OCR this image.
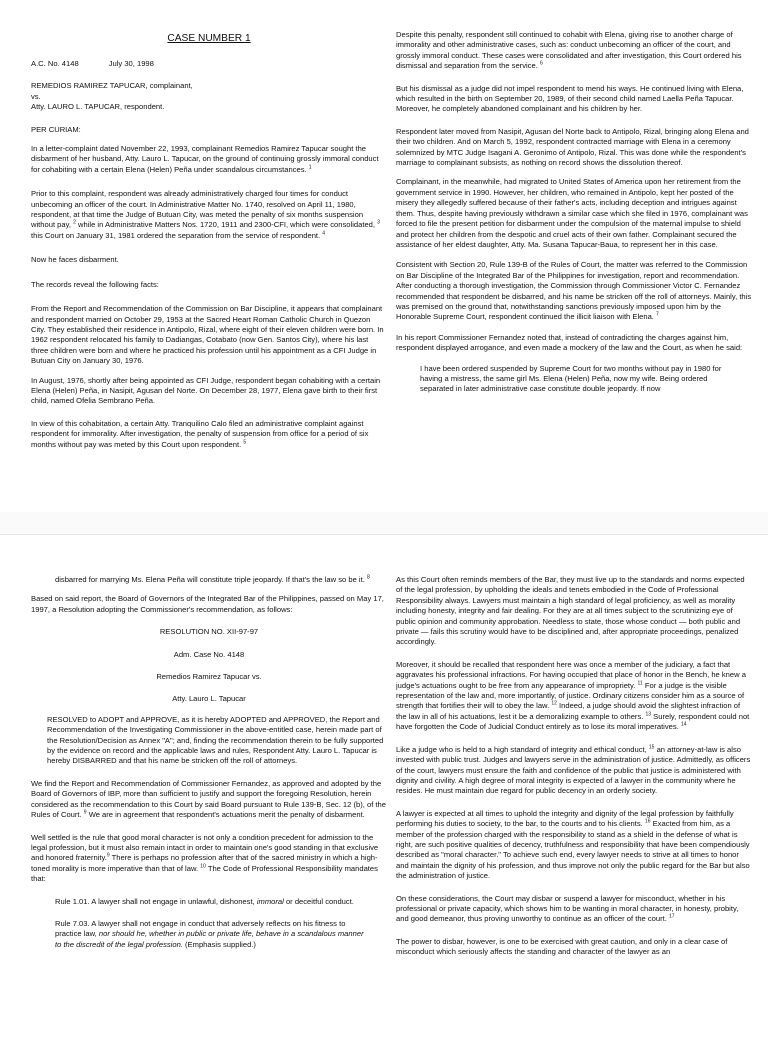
CASE NUMBER 1

A.C. No. 4148	July 30, 1998

REMEDIOS RAMIREZ TAPUCAR, complainant,

vs.

Atty. LAURO L. TAPUCAR, respondent.

PER CURIAM:

In a letter-complaint dated November 22, 1993, complainant Remedios Ramirez Tapucar sought the disbarment of her husband, Atty. Lauro L. Tapucar, on the ground of continuing grossly immoral conduct for cohabiting with a certain Elena (Helen) Peña under scandalous circumstances. $^1$

Prior to this complaint, respondent was already administratively charged four times for conduct unbecoming an officer of the court. In Administrative Matter No. 1740, resolved on April 11, 1980, respondent, at that time the Judge of Butuan City, was meted the penalty of six months suspension without pay, $^2$ while in Administrative Matters Nos. 1720, 1911 and 2300-CFI, which were consolidated, $^3$ this Court on January 31, 1981 ordered the separation from the service of respondent. $^4$

Now he faces disbarment.

The records reveal the following facts:

From the Report and Recommendation of the Commission on Bar Discipline, it appears that complainant and respondent married on October 29, 1953 at the Sacred Heart Roman Catholic Church in Quezon City. They established their residence in Antipolo, Rizal, where eight of their eleven children were born. In 1962 respondent relocated his family to Dadiangas, Cotabato (now Gen. Santos City), where his last three children were born and where he practiced his profession until his appointment as a CFI Judge in Butuan City on January 30, 1976.

In August, 1976, shortly after being appointed as CFI Judge, respondent began cohabiting with a certain Elena (Helen) Peña, in Nasipit, Agusan del Norte. On December 28, 1977, Elena gave birth to their first child, named Ofelia Sembrano Peña.

In view of this cohabitation, a certain Atty. Tranquilino Calo filed an administrative complaint against respondent for immorality. After investigation, the penalty of suspension from office for a period of six months without pay was meted by this Court upon respondent. $^5$

Despite this penalty, respondent still continued to cohabit with Elena, giving rise to another charge of immorality and other administrative cases, such as: conduct unbecoming an officer of the court, and grossly immoral conduct. These cases were consolidated and after investigation, this Court ordered his dismissal and separation from the service. $^6$

But his dismissal as a judge did not impel respondent to mend his ways. He continued living with Elena, which resulted in the birth on September 20, 1989, of their second child named Laella Peña Tapucar. Moreover, he completely abandoned complainant and his children by her.

Respondent later moved from Nasipit, Agusan del Norte back to Antipolo, Rizal, bringing along Elena and their two children. And on March 5, 1992, respondent contracted marriage with Elena in a ceremony solemnized by MTC Judge Isagani A. Geronimo of Antipolo, Rizal. This was done while the respondent's marriage to complainant subsists, as nothing on record shows the dissolution thereof.

Complainant, in the meanwhile, had migrated to United States of America upon her retirement from the government service in 1990. However, her children, who remained in Antipolo, kept her posted of the misery they allegedly suffered because of their father's acts, including deception and intrigues against them. Thus, despite having previously withdrawn a similar case which she filed in 1976, complainant was forced to file the present petition for disbarment under the compulsion of the maternal impulse to shield and protect her children from the despotic and cruel acts of their own father. Complainant secured the assistance of her eldest daughter, Atty. Ma. Susana Tapucar-Baua, to represent her in this case.

Consistent with Section 20, Rule 139-B of the Rules of Court, the matter was referred to the Commission on Bar Discipline of the Integrated Bar of the Philippines for investigation, report and recommendation. After conducting a thorough investigation, the Commission through Commissioner Victor C. Fernandez recommended that respondent be disbarred, and his name be stricken off the roll of attorneys. Mainly, this was premised on the ground that, notwithstanding sanctions previously imposed upon him by the Honorable Supreme Court, respondent continued the illicit liaison with Elena. $^7$

In his report Commissioner Fernandez noted that, instead of contradicting the charges against him, respondent displayed arrogance, and even made a mockery of the law and the Court, as when he said:

I have been ordered suspended by Supreme Court for two months without pay in 1980 for having a mistress, the same girl Ms. Elena (Helen) Peña, now my wife. Being ordered separated in later administrative case constitute double jeopardy. If now

disbarred for marrying Ms. Elena Peña will constitute triple jeopardy. If that's the law so be it. $^8$

Based on said report, the Board of Governors of the Integrated Bar of the Philippines, passed on May 17, 1997, a Resolution adopting the Commissioner's recommendation, as follows:

RESOLUTION NO. XII-97-97

Adm. Case No. 4148

Remedios Ramirez Tapucar vs.

Atty. Lauro L. Tapucar

RESOLVED to ADOPT and APPROVE, as it is hereby ADOPTED and APPROVED, the Report and Recommendation of the Investigating Commissioner in the above-entitled case, herein made part of the Resolution/Decision as Annex "A"; and, finding the recommendation therein to be fully supported by the evidence on record and the applicable laws and rules, Respondent Atty. Lauro L. Tapucar is hereby DISBARRED and that his name be stricken off the roll of attorneys.

We find the Report and Recommendation of Commissioner Fernandez, as approved and adopted by the Board of Governors of IBP, more than sufficient to justify and support the foregoing Resolution, herein considered as the recommendation to this Court by said Board pursuant to Rule 139-B, Sec. 12 (b), of the Rules of Court. $^9$ We are in agreement that respondent's actuations merit the penalty of disbarment.

Well settled is the rule that good moral character is not only a condition precedent for admission to the legal profession, but it must also remain intact in order to maintain one's good standing in that exclusive and honored fraternity.$^9$ There is perhaps no profession after that of the sacred ministry in which a high-toned morality is more imperative than that of law. $^{10}$ The Code of Professional Responsibility mandates that:

Rule 1.01. A lawyer shall not engage in unlawful, dishonest, immoral or deceitful conduct.

Rule 7.03. A lawyer shall not engage in conduct that adversely reflects on his fitness to practice law, nor should he, whether in public or private life, behave in a scandalous manner to the discredit of the legal profession. (Emphasis supplied.)

As this Court often reminds members of the Bar, they must live up to the standards and norms expected of the legal profession, by upholding the ideals and tenets embodied in the Code of Professional Responsibility always. Lawyers must maintain a high standard of legal proficiency, as well as morality including honesty, integrity and fair dealing. For they are at all times subject to the scrutinizing eye of public opinion and community approbation. Needless to state, those whose conduct — both public and private — fails this scrutiny would have to be disciplined and, after appropriate proceedings, penalized accordingly.

Moreover, it should be recalled that respondent here was once a member of the judiciary, a fact that aggravates his professional infractions. For having occupied that place of honor in the Bench, he knew a judge's actuations ought to be free from any appearance of impropriety. $^{11}$ For a judge is the visible representation of the law and, more importantly, of justice. Ordinary citizens consider him as a source of strength that fortifies their will to obey the law. $^{12}$ Indeed, a judge should avoid the slightest infraction of the law in all of his actuations, lest it be a demoralizing example to others. $^{13}$ Surely, respondent could not have forgotten the Code of Judicial Conduct entirely as to lose its moral imperatives. $^{14}$

Like a judge who is held to a high standard of integrity and ethical conduct, $^{15}$ an attorney-at-law is also invested with public trust. Judges and lawyers serve in the administration of justice. Admittedly, as officers of the court, lawyers must ensure the faith and confidence of the public that justice is administered with dignity and civility. A high degree of moral integrity is expected of a lawyer in the community where he resides. He must maintain due regard for public decency in an orderly society.

A lawyer is expected at all times to uphold the integrity and dignity of the legal profession by faithfully performing his duties to society, to the bar, to the courts and to his clients. $^{16}$ Exacted from him, as a member of the profession charged with the responsibility to stand as a shield in the defense of what is right, are such positive qualities of decency, truthfulness and responsibility that have been compendiously described as "moral character." To achieve such end, every lawyer needs to strive at all times to honor and maintain the dignity of his profession, and thus improve not only the public regard for the Bar but also the administration of justice.

On these considerations, the Court may disbar or suspend a lawyer for misconduct, whether in his professional or private capacity, which shows him to be wanting in moral character, in honesty, probity, and good demeanor, thus proving unworthy to continue as an officer of the court. $^{17}$

The power to disbar, however, is one to be exercised with great caution, and only in a clear case of misconduct which seriously affects the standing and character of the lawyer as an
